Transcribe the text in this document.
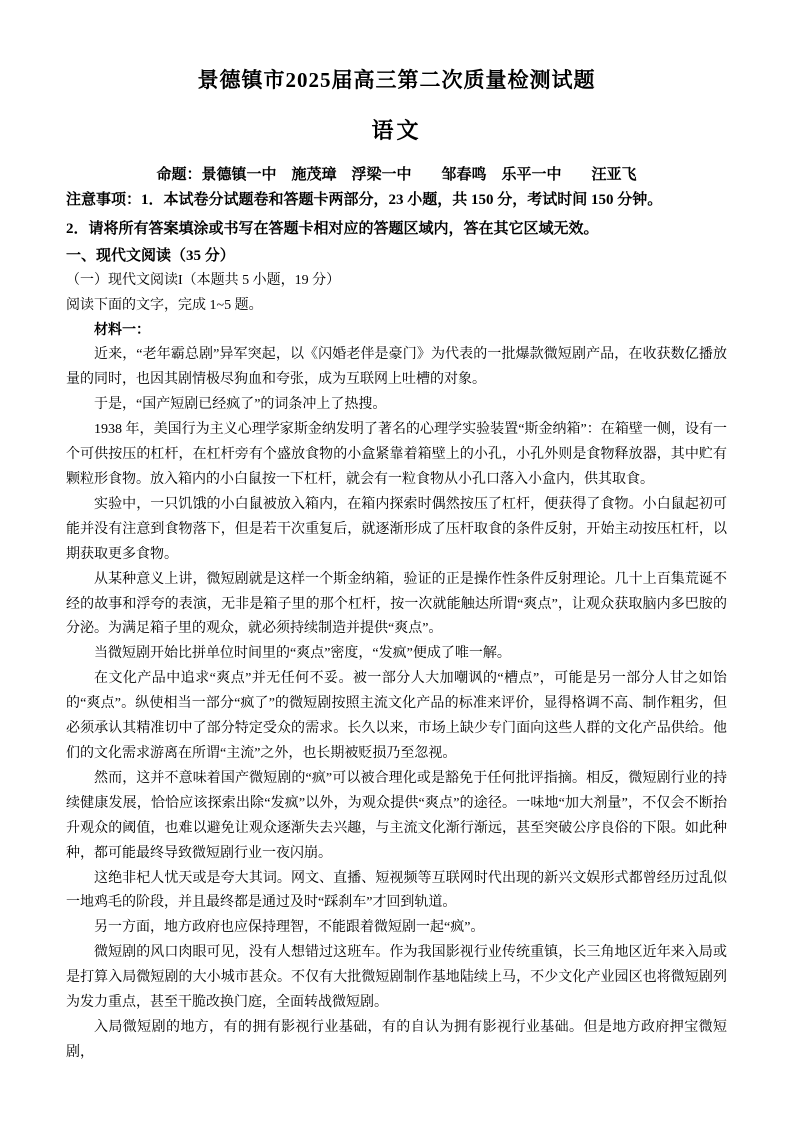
景德镇市2025届高三第二次质量检测试题
语文

命题：景德镇一中　施茂璋　浮梁一中　　邹春鸣　乐平一中　　汪亚飞

注意事项：1．本试卷分试题卷和答题卡两部分，23 小题，共 150 分，考试时间 150 分钟。

2．请将所有答案填涂或书写在答题卡相对应的答题区域内，答在其它区域无效。

一、现代文阅读（35 分）

（一）现代文阅读I（本题共 5 小题，19 分）

阅读下面的文字，完成 1~5 题。

材料一：

近来，“老年霸总剧”异军突起，以《闪婚老伴是豪门》为代表的一批爆款微短剧产品，在收获数亿播放量的同时，也因其剧情极尽狗血和夸张，成为互联网上吐槽的对象。

于是，“国产短剧已经疯了”的词条冲上了热搜。

1938 年，美国行为主义心理学家斯金纳发明了著名的心理学实验装置“斯金纳箱”：在箱壁一侧，设有一个可供按压的杠杆，在杠杆旁有个盛放食物的小盒紧靠着箱壁上的小孔，小孔外则是食物释放器，其中贮有颗粒形食物。放入箱内的小白鼠按一下杠杆，就会有一粒食物从小孔口落入小盒内，供其取食。

实验中，一只饥饿的小白鼠被放入箱内，在箱内探索时偶然按压了杠杆，便获得了食物。小白鼠起初可能并没有注意到食物落下，但是若干次重复后，就逐渐形成了压杆取食的条件反射，开始主动按压杠杆，以期获取更多食物。

从某种意义上讲，微短剧就是这样一个斯金纳箱，验证的正是操作性条件反射理论。几十上百集荒诞不经的故事和浮夸的表演，无非是箱子里的那个杠杆，按一次就能触达所谓“爽点”，让观众获取脑内多巴胺的分泌。为满足箱子里的观众，就必须持续制造并提供“爽点”。

当微短剧开始比拼单位时间里的“爽点”密度，“发疯”便成了唯一解。

在文化产品中追求“爽点”并无任何不妥。被一部分人大加嘲讽的“槽点”，可能是另一部分人甘之如饴的“爽点”。纵使相当一部分“疯了”的微短剧按照主流文化产品的标准来评价，显得格调不高、制作粗劣，但必须承认其精准切中了部分特定受众的需求。长久以来，市场上缺少专门面向这些人群的文化产品供给。他们的文化需求游离在所谓“主流”之外，也长期被贬损乃至忽视。

然而，这并不意味着国产微短剧的“疯”可以被合理化或是豁免于任何批评指摘。相反，微短剧行业的持续健康发展，恰恰应该探索出除“发疯”以外，为观众提供“爽点”的途径。一味地“加大剂量”，不仅会不断抬升观众的阈值，也难以避免让观众逐渐失去兴趣，与主流文化渐行渐远，甚至突破公序良俗的下限。如此种种，都可能最终导致微短剧行业一夜闪崩。

这绝非杞人忧天或是夸大其词。网文、直播、短视频等互联网时代出现的新兴文娱形式都曾经历过乱似一地鸡毛的阶段，并且最终都是通过及时“踩刹车”才回到轨道。

另一方面，地方政府也应保持理智，不能跟着微短剧一起“疯”。

微短剧的风口肉眼可见，没有人想错过这班车。作为我国影视行业传统重镇，长三角地区近年来入局或是打算入局微短剧的大小城市甚众。不仅有大批微短剧制作基地陆续上马，不少文化产业园区也将微短剧列为发力重点，甚至干脆改换门庭，全面转战微短剧。

入局微短剧的地方，有的拥有影视行业基础，有的自认为拥有影视行业基础。但是地方政府押宝微短剧，
